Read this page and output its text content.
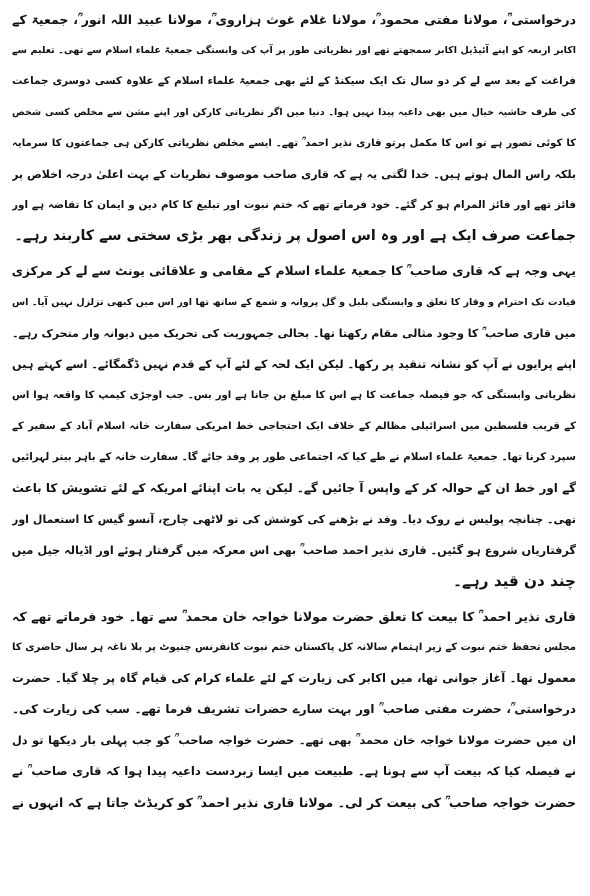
درخواستی ؒ، مولانا مفتی محمود ؒ، مولانا غلام غوث ہزاروی ؒ، مولانا عبید اللہ انور ؒ، جمعیۃ کے
اکابر اربعہ کو اپنے آئیڈیل اکابر سمجھتے تھے اور نظریاتی طور پر آپ کی وابستگی جمعیۃ علماء اسلام سے تھی۔ تعلیم سے
فراغت کے بعد سے لے کر دو سال تک ایک سیکنڈ کے لئے بھی جمعیۃ علماء اسلام کے علاوہ کسی دوسری جماعت
کی طرف حاشیہ خیال میں بھی داعیہ پیدا نہیں ہوا۔ دنیا میں اگر نظریاتی کارکن اور اپنے مشن سے مخلص کسی شخص
کا کوئی تصور ہے تو اس کا مکمل پرتو قاری نذیر احمد ؒ تھے۔ ایسے مخلص نظریاتی کارکن ہی جماعتوں کا سرمایہ
بلکہ راس المال ہوتے ہیں۔ خدا لگتی یہ ہے کہ قاری صاحب موصوف نظریات کے بہت اعلیٰ درجہ اخلاص پر
فائز تھے اور فائز المرام ہو کر گئے۔ خود فرماتے تھے کہ ختم نبوت اور تبلیغ کا کام دین و ایمان کا تقاضہ ہے اور
جماعت صرف ایک ہے اور وہ اس اصول پر زندگی بھر بڑی سختی سے کاربند رہے۔
یہی وجہ ہے کہ قاری صاحب ؒ کا جمعیۃ علماء اسلام کے مقامی و علاقائی یونٹ سے لے کر مرکزی
قیادت تک احترام و وقار کا تعلق و وابستگی بلبل و گل پروانہ و شمع کے ساتھ تھا اور اس میں کبھی تزلزل نہیں آیا۔ اس
میں قاری صاحب ؒ کا وجود مثالی مقام رکھتا تھا۔ بحالی جمہوریت کی تحریک میں دیوانہ وار متحرک رہے۔
اپنے پرایوں نے آپ کو نشانہ تنقید پر رکھا۔ لیکن ایک لحہ کے لئے آپ کے قدم نہیں ڈگمگائے۔ اسے کہتے ہیں
نظریاتی وابستگی کہ جو فیصلہ جماعت کا ہے اس کا مبلغ بن جانا ہے اور بس۔ جب اوجڑی کیمپ کا واقعہ ہوا اس
کے قریب فلسطین میں اسرائیلی مظالم کے خلاف ایک احتجاجی خط امریکی سفارت خانہ اسلام آباد کے سفیر کے
سپرد کرنا تھا۔ جمعیۃ علماء اسلام نے طے کیا کہ اجتماعی طور پر وفد جائے گا۔ سفارت خانہ کے باہر بینر لہرائیں
گے اور خط ان کے حوالہ کر کے واپس آ جائیں گے۔ لیکن یہ بات اپنائے امریکہ کے لئے تشویش کا باعث
تھی۔ چنانچہ پولیس نے روک دیا۔ وفد نے بڑھنے کی کوشش کی تو لاٹھی چارج، آنسو گیس کا استعمال اور
گرفتاریاں شروع ہو گئیں۔ قاری نذیر احمد صاحب ؒ بھی اس معرکہ میں گرفتار ہوئے اور اڈیالہ جیل میں
چند دن قید رہے۔
قاری نذیر احمد ؒ کا بیعت کا تعلق حضرت مولانا خواجہ خان محمد ؒ سے تھا۔ خود فرماتے تھے کہ
مجلس تحفظ ختم نبوت کے زیر اہتمام سالانہ کل پاکستان ختم نبوت کانفرنس چنیوٹ پر بلا ناغہ ہر سال حاضری کا
معمول تھا۔ آغاز جوانی تھا، میں اکابر کی زیارت کے لئے علماء کرام کی قیام گاہ پر چلا گیا۔ حضرت
درخواستی ؒ، حضرت مفتی صاحب ؒ اور بہت سارے حضرات تشریف فرما تھے۔ سب کی زیارت کی۔
ان میں حضرت مولانا خواجہ خان محمد ؒ بھی تھے۔ حضرت خواجہ صاحب ؒ کو جب پہلی بار دیکھا تو دل
نے فیصلہ کیا کہ بیعت آپ سے ہونا ہے۔ طبیعت میں ایسا زبردست داعیہ پیدا ہوا کہ قاری صاحب ؒ نے
حضرت خواجہ صاحب ؒ کی بیعت کر لی۔ مولانا قاری نذیر احمد ؒ کو کریڈٹ جاتا ہے کہ انہوں نے
